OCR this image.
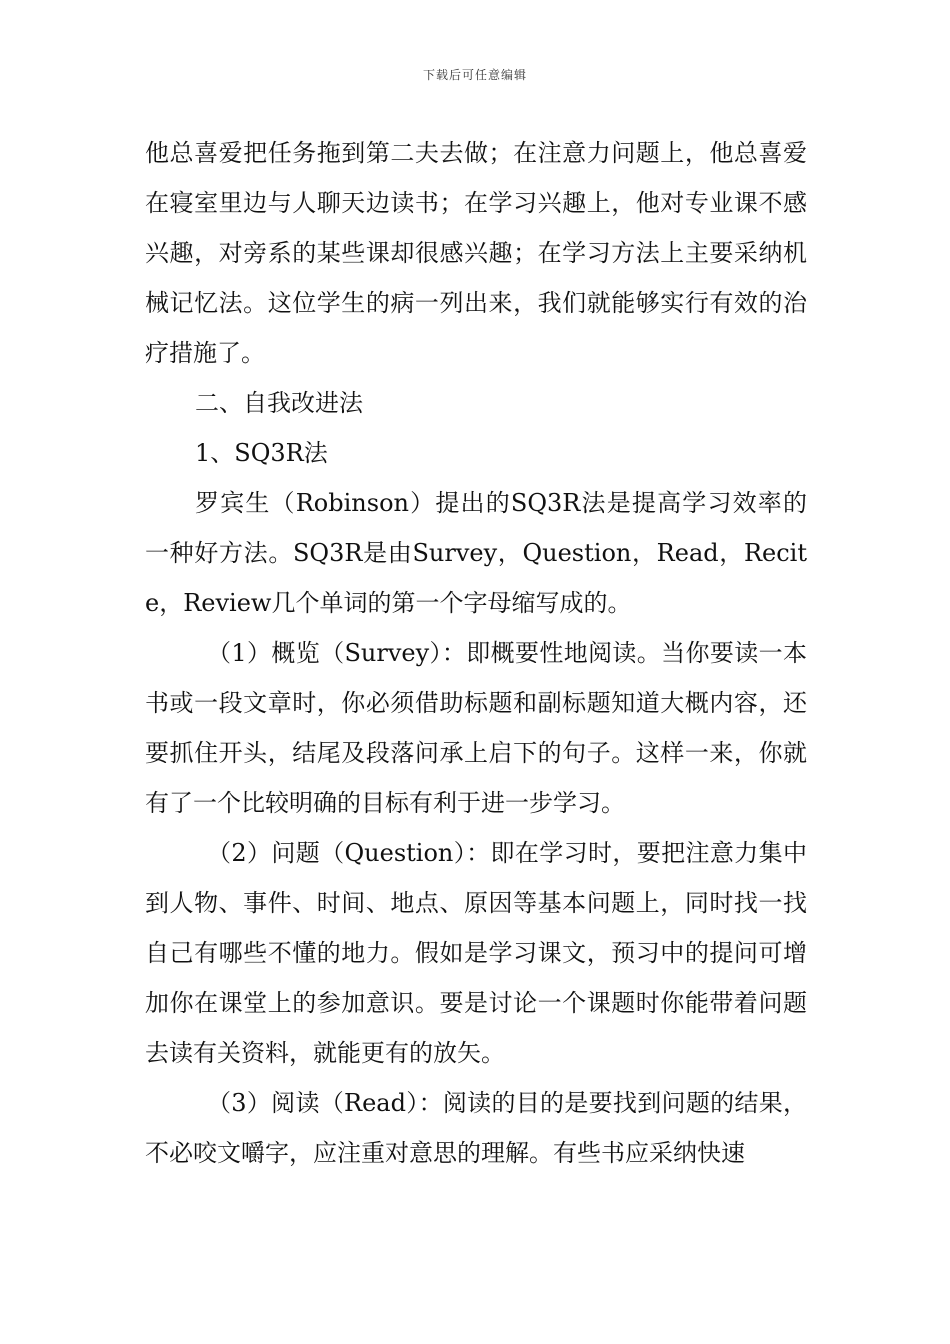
下载后可任意编辑

他总喜爱把任务拖到第二夫去做；在注意力问题上，他总喜爱在寝室里边与人聊天边读书；在学习兴趣上，他对专业课不感兴趣，对旁系的某些课却很感兴趣；在学习方法上主要采纳机械记忆法。这位学生的病一列出来，我们就能够实行有效的治疗措施了。

二、自我改进法

1、SQ3R法

罗宾生（Robinson）提出的SQ3R法是提高学习效率的一种好方法。SQ3R是由Survey，Question，Read，Recite，Review几个单词的第一个字母缩写成的。

（1）概览（Survey）：即概要性地阅读。当你要读一本书或一段文章时，你必须借助标题和副标题知道大概内容，还要抓住开头，结尾及段落问承上启下的句子。这样一来，你就有了一个比较明确的目标有利于进一步学习。

（2）问题（Question）：即在学习时，要把注意力集中到人物、事件、时间、地点、原因等基本问题上，同时找一找自己有哪些不懂的地力。假如是学习课文，预习中的提问可增加你在课堂上的参加意识。要是讨论一个课题时你能带着问题去读有关资料，就能更有的放矢。

（3）阅读（Read）：阅读的目的是要找到问题的结果，不必咬文嚼字，应注重对意思的理解。有些书应采纳快速
